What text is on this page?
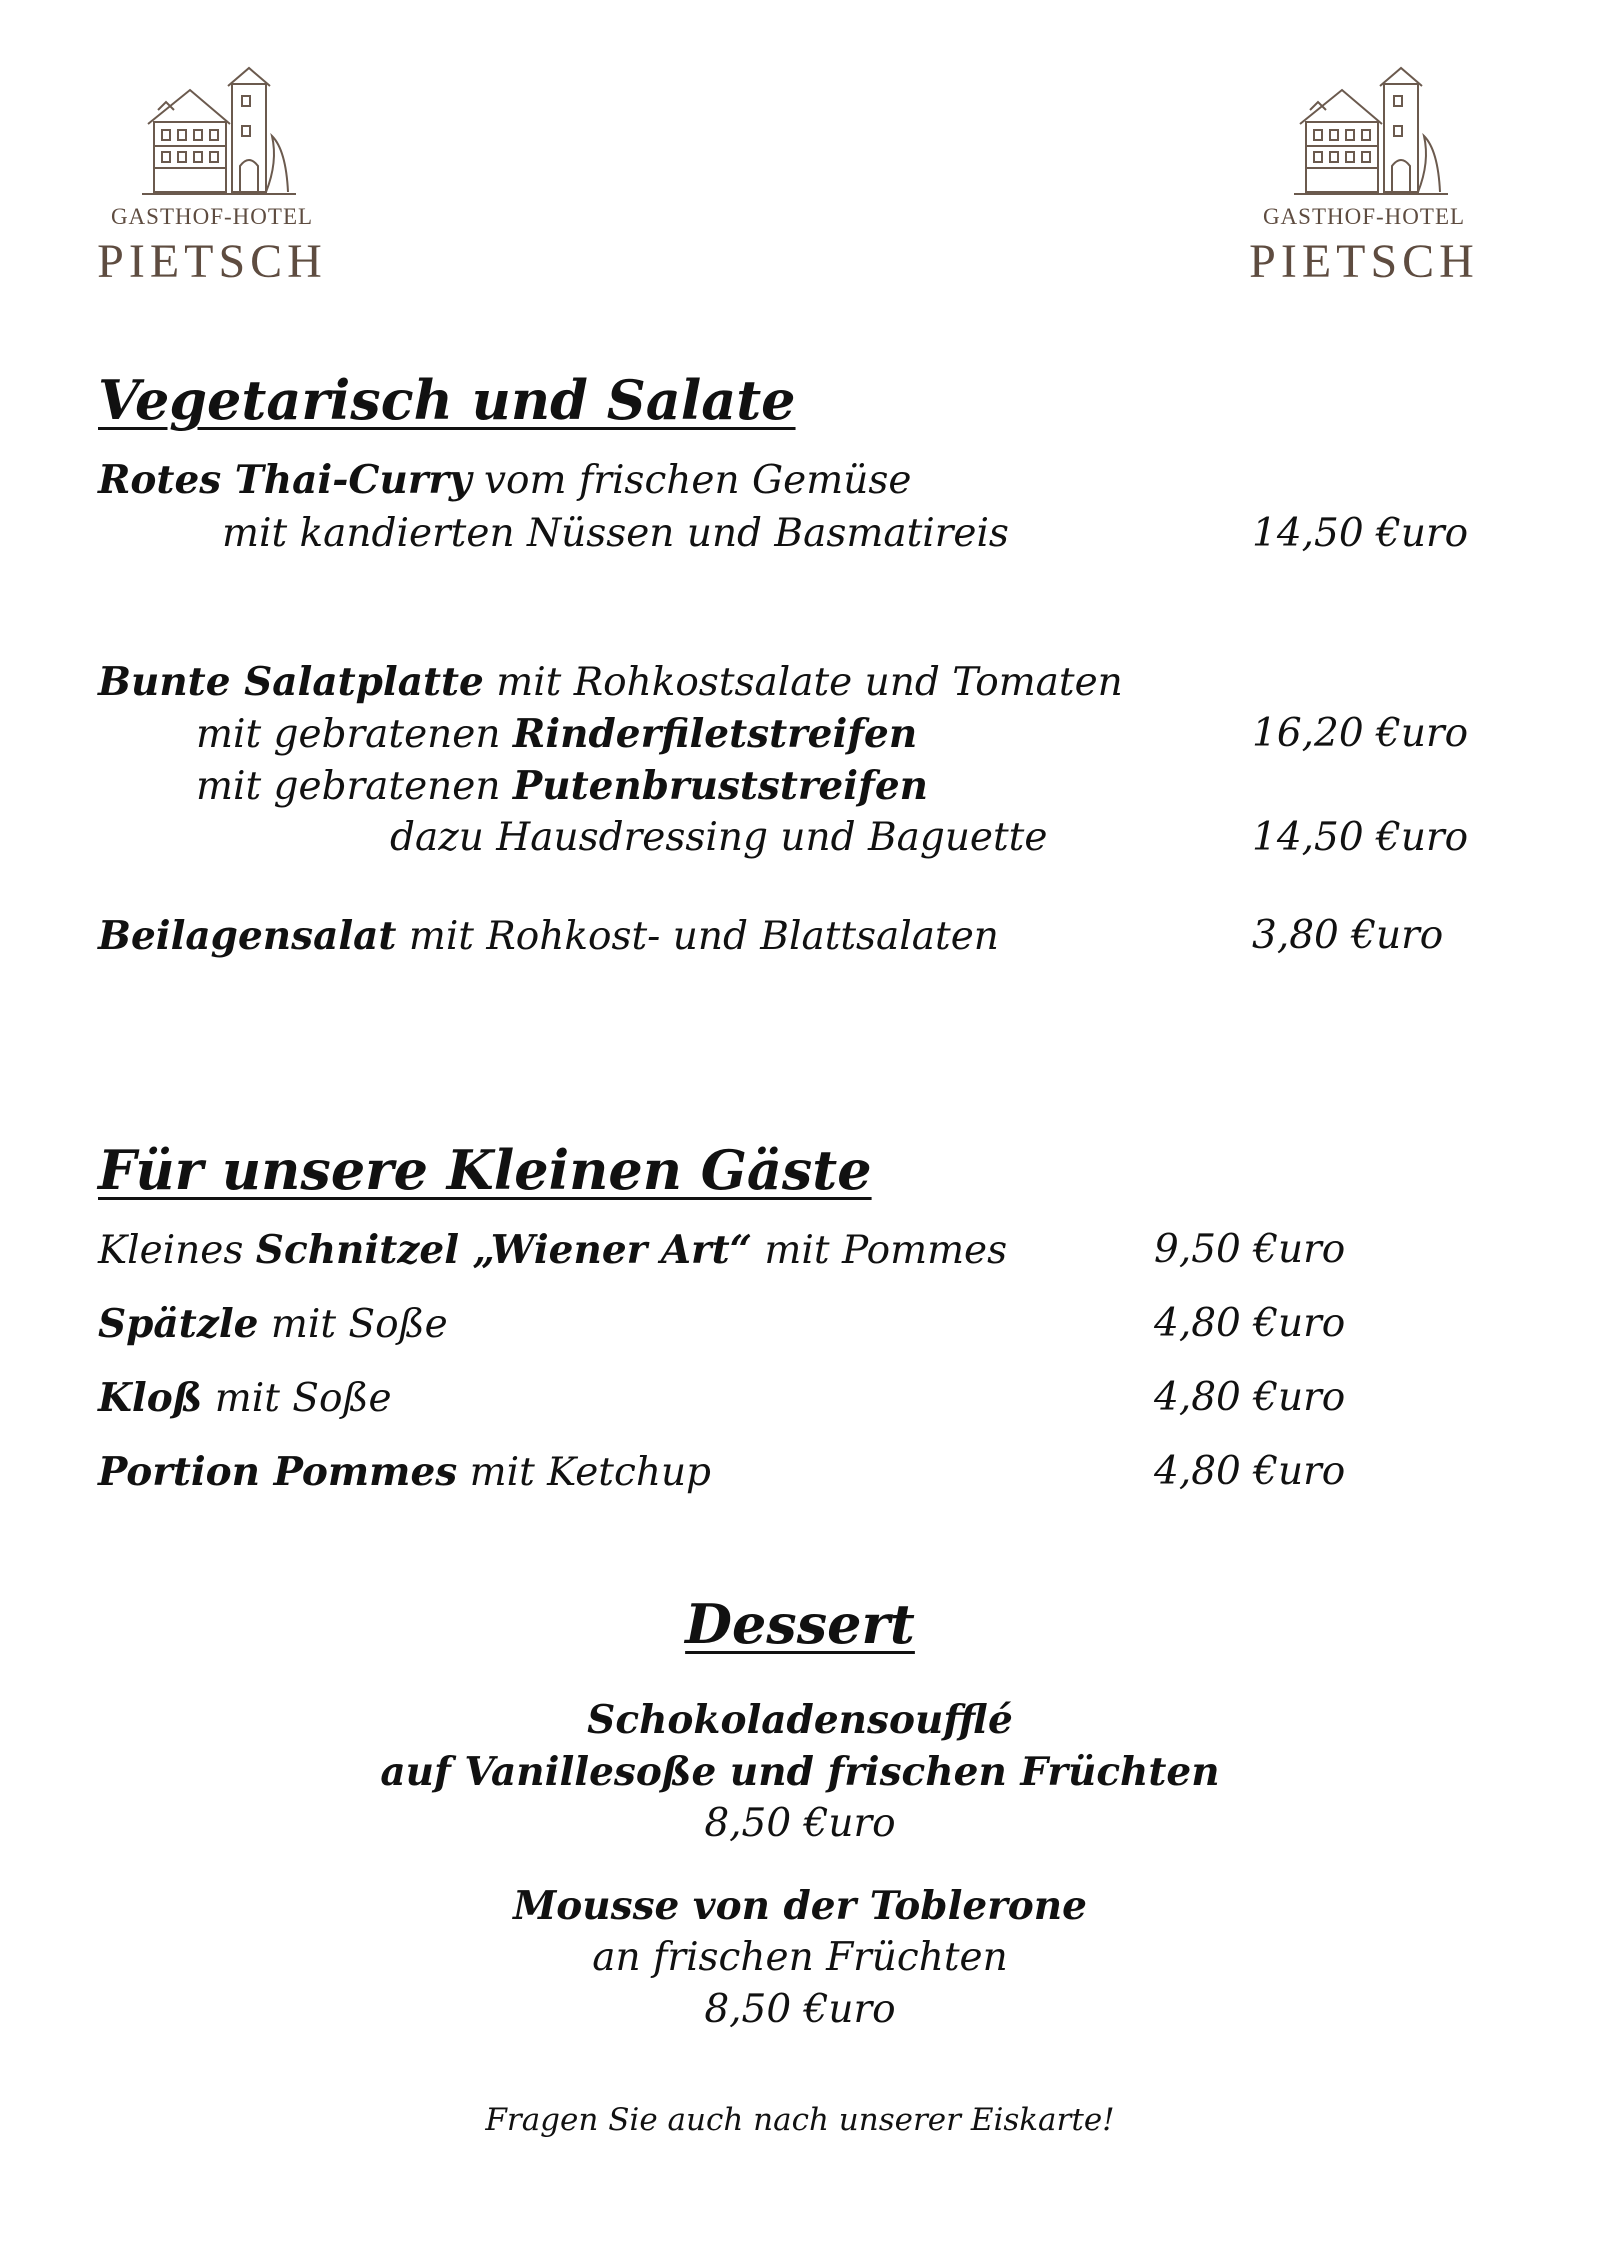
GASTHOF-HOTEL
PIETSCH
GASTHOF-HOTEL
PIETSCH
Vegetarisch und Salate
Rotes Thai-Curry vom frischen Gemüse
mit kandierten Nüssen und Basmatireis	14,50 €uro
Bunte Salatplatte mit Rohkostsalate und Tomaten
mit gebratenen Rinderfiletstreifen	16,20 €uro
mit gebratenen Putenbruststreifen
dazu Hausdressing und Baguette	14,50 €uro
Beilagensalat mit Rohkost- und Blattsalaten	3,80 €uro
Für unsere Kleinen Gäste
Kleines Schnitzel „Wiener Art“ mit Pommes	9,50 €uro
Spätzle mit Soße	4,80 €uro
Kloß mit Soße	4,80 €uro
Portion Pommes mit Ketchup	4,80 €uro
Dessert
Schokoladensoufflé
auf Vanillesoße und frischen Früchten
8,50 €uro
Mousse von der Toblerone
an frischen Früchten
8,50 €uro
Fragen Sie auch nach unserer Eiskarte!
